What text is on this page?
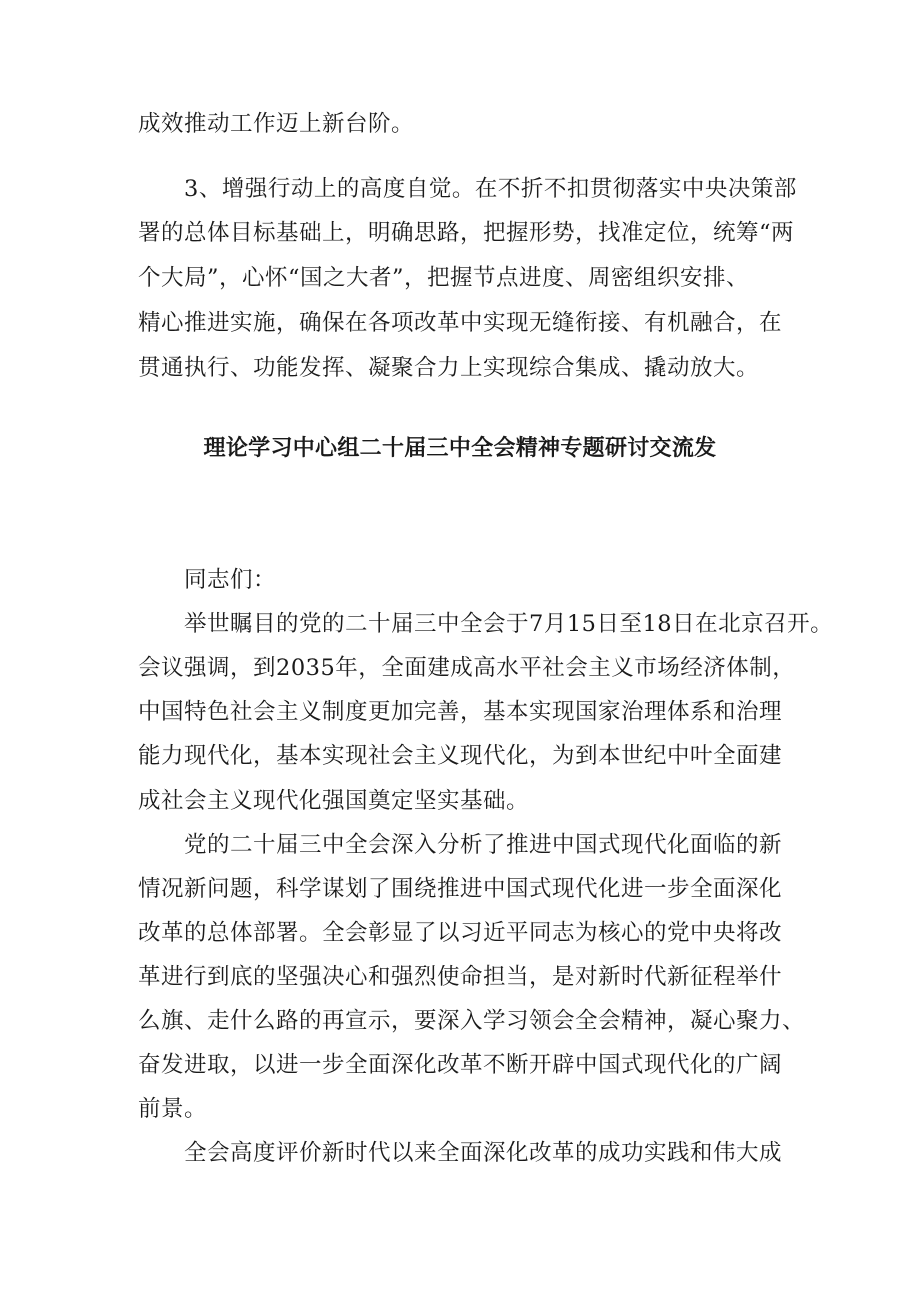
成效推动工作迈上新台阶。
3、增强行动上的高度自觉。在不折不扣贯彻落实中央决策部
署的总体目标基础上，明确思路，把握形势，找准定位，统筹“两
个大局”，心怀“国之大者”，把握节点进度、周密组织安排、
精心推进实施，确保在各项改革中实现无缝衔接、有机融合，在
贯通执行、功能发挥、凝聚合力上实现综合集成、撬动放大。
理论学习中心组二十届三中全会精神专题研讨交流发
同志们：
举世瞩目的党的二十届三中全会于7月15日至18日在北京召开。
会议强调，到2035年，全面建成高水平社会主义市场经济体制，
中国特色社会主义制度更加完善，基本实现国家治理体系和治理
能力现代化，基本实现社会主义现代化，为到本世纪中叶全面建
成社会主义现代化强国奠定坚实基础。
党的二十届三中全会深入分析了推进中国式现代化面临的新
情况新问题，科学谋划了围绕推进中国式现代化进一步全面深化
改革的总体部署。全会彰显了以习近平同志为核心的党中央将改
革进行到底的坚强决心和强烈使命担当，是对新时代新征程举什
么旗、走什么路的再宣示，要深入学习领会全会精神，凝心聚力、
奋发进取，以进一步全面深化改革不断开辟中国式现代化的广阔
前景。
全会高度评价新时代以来全面深化改革的成功实践和伟大成
